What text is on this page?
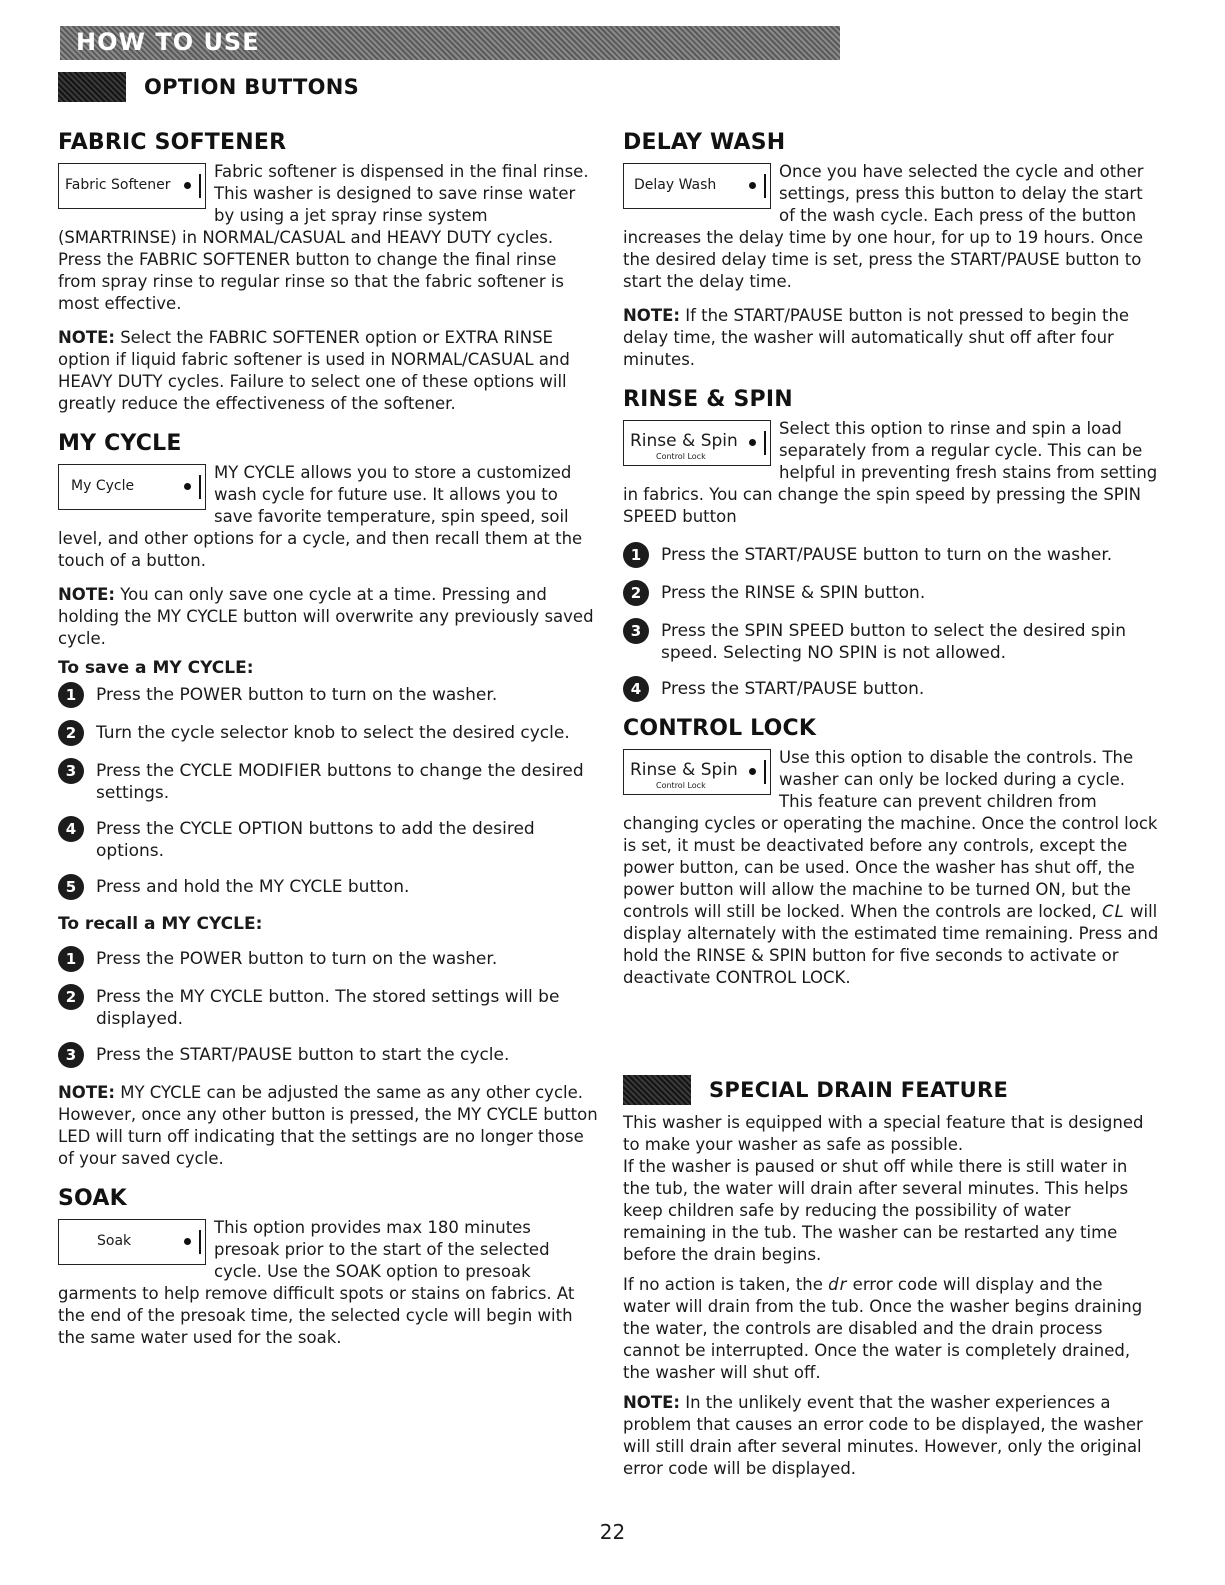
HOW TO USE
OPTION BUTTONS
FABRIC SOFTENER
Fabric Softener

Fabric softener is dispensed in the final rinse. This washer is designed to save rinse water by using a jet spray rinse system (SMARTRINSE) in NORMAL/CASUAL and HEAVY DUTY cycles. Press the FABRIC SOFTENER button to change the final rinse from spray rinse to regular rinse so that the fabric softener is most effective.

NOTE: Select the FABRIC SOFTENER option or EXTRA RINSE option if liquid fabric softener is used in NORMAL/CASUAL and HEAVY DUTY cycles. Failure to select one of these options will greatly reduce the effectiveness of the softener.

MY CYCLE
My Cycle

MY CYCLE allows you to store a customized wash cycle for future use. It allows you to save favorite temperature, spin speed, soil level, and other options for a cycle, and then recall them at the touch of a button.

NOTE: You can only save one cycle at a time. Pressing and holding the MY CYCLE button will overwrite any previously saved cycle.

To save a MY CYCLE:
1	Press the POWER button to turn on the washer.
2	Turn the cycle selector knob to select the desired cycle.
3	Press the CYCLE MODIFIER buttons to change the desired settings.
4	Press the CYCLE OPTION buttons to add the desired options.
5	Press and hold the MY CYCLE button.
To recall a MY CYCLE:
1	Press the POWER button to turn on the washer.
2	Press the MY CYCLE button. The stored settings will be displayed.
3	Press the START/PAUSE button to start the cycle.

NOTE: MY CYCLE can be adjusted the same as any other cycle. However, once any other button is pressed, the MY CYCLE button LED will turn off indicating that the settings are no longer those of your saved cycle.

SOAK
Soak

This option provides max 180 minutes presoak prior to the start of the selected cycle. Use the SOAK option to presoak garments to help remove difficult spots or stains on fabrics. At the end of the presoak time, the selected cycle will begin with the same water used for the soak.

DELAY WASH
Delay Wash

Once you have selected the cycle and other settings, press this button to delay the start of the wash cycle. Each press of the button increases the delay time by one hour, for up to 19 hours. Once the desired delay time is set, press the START/PAUSE button to start the delay time.

NOTE: If the START/PAUSE button is not pressed to begin the delay time, the washer will automatically shut off after four minutes.

RINSE & SPIN
Rinse & Spin
Control Lock

Select this option to rinse and spin a load separately from a regular cycle. This can be helpful in preventing fresh stains from setting in fabrics. You can change the spin speed by pressing the SPIN SPEED button

1	Press the START/PAUSE button to turn on the washer.
2	Press the RINSE & SPIN button.
3	Press the SPIN SPEED button to select the desired spin speed. Selecting NO SPIN is not allowed.
4	Press the START/PAUSE button.
CONTROL LOCK
Rinse & Spin
Control Lock

Use this option to disable the controls. The washer can only be locked during a cycle. This feature can prevent children from changing cycles or operating the machine. Once the control lock is set, it must be deactivated before any controls, except the power button, can be used. Once the washer has shut off, the power button will allow the machine to be turned ON, but the controls will still be locked. When the controls are locked, CL will display alternately with the estimated time remaining. Press and hold the RINSE & SPIN button for five seconds to activate or deactivate CONTROL LOCK.

SPECIAL DRAIN FEATURE

This washer is equipped with a special feature that is designed to make your washer as safe as possible.

If the washer is paused or shut off while there is still water in the tub, the water will drain after several minutes. This helps keep children safe by reducing the possibility of water remaining in the tub. The washer can be restarted any time before the drain begins.

If no action is taken, the dr error code will display and the water will drain from the tub. Once the washer begins draining the water, the controls are disabled and the drain process cannot be interrupted. Once the water is completely drained, the washer will shut off.

NOTE: In the unlikely event that the washer experiences a problem that causes an error code to be displayed, the washer will still drain after several minutes. However, only the original error code will be displayed.

22
